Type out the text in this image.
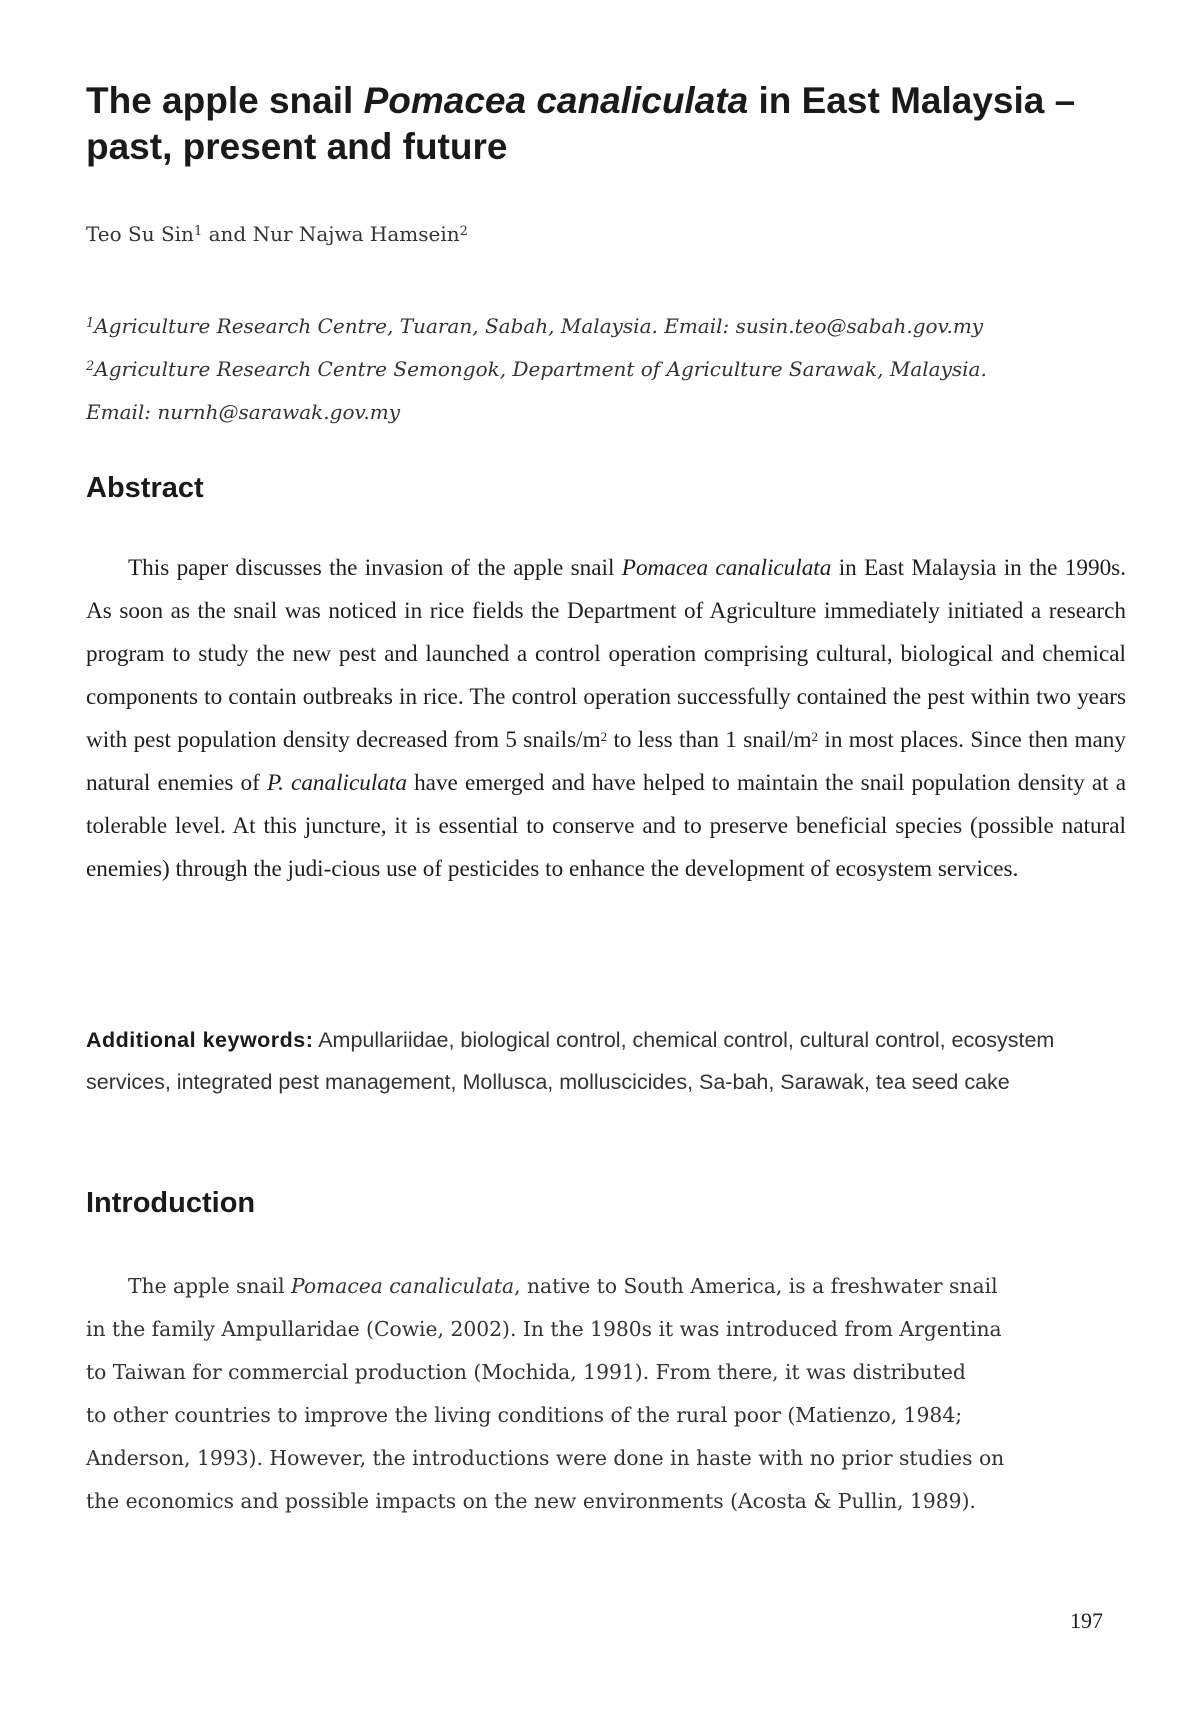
The apple snail Pomacea canaliculata in East Malaysia – past, present and future

Teo Su Sin$^1$ and Nur Najwa Hamsein$^2$

$^1$Agriculture Research Centre, Tuaran, Sabah, Malaysia. Email: susin.teo@sabah.gov.my

$^2$Agriculture Research Centre Semongok, Department of Agriculture Sarawak, Malaysia.

Email: nurnh@sarawak.gov.my

Abstract

This paper discusses the invasion of the apple snail Pomacea canaliculata in East Malaysia in the 1990s. As soon as the snail was noticed in rice fields the Department of Agriculture immediately initiated a research program to study the new pest and launched a control operation comprising cultural, biological and chemical components to contain outbreaks in rice. The control operation successfully contained the pest within two years with pest population density decreased from 5 snails/$m^2$ to less than 1 snail/$m^2$ in most places. Since then many natural enemies of P. canaliculata have emerged and have helped to maintain the snail population density at a tolerable level. At this juncture, it is essential to conserve and to preserve beneficial species (possible natural enemies) through the judi-cious use of pesticides to enhance the development of ecosystem services.

Additional keywords: Ampullariidae, biological control, chemical control, cultural control, ecosystem services, integrated pest management, Mollusca, molluscicides, Sa-bah, Sarawak, tea seed cake

Introduction

The apple snail Pomacea canaliculata, native to South America, is a freshwater snail
in the family Ampullaridae (Cowie, 2002). In the 1980s it was introduced from Argentina
to Taiwan for commercial production (Mochida, 1991). From there, it was distributed
to other countries to improve the living conditions of the rural poor (Matienzo, 1984;
Anderson, 1993). However, the introductions were done in haste with no prior studies on
the economics and possible impacts on the new environments (Acosta & Pullin, 1989).

197
